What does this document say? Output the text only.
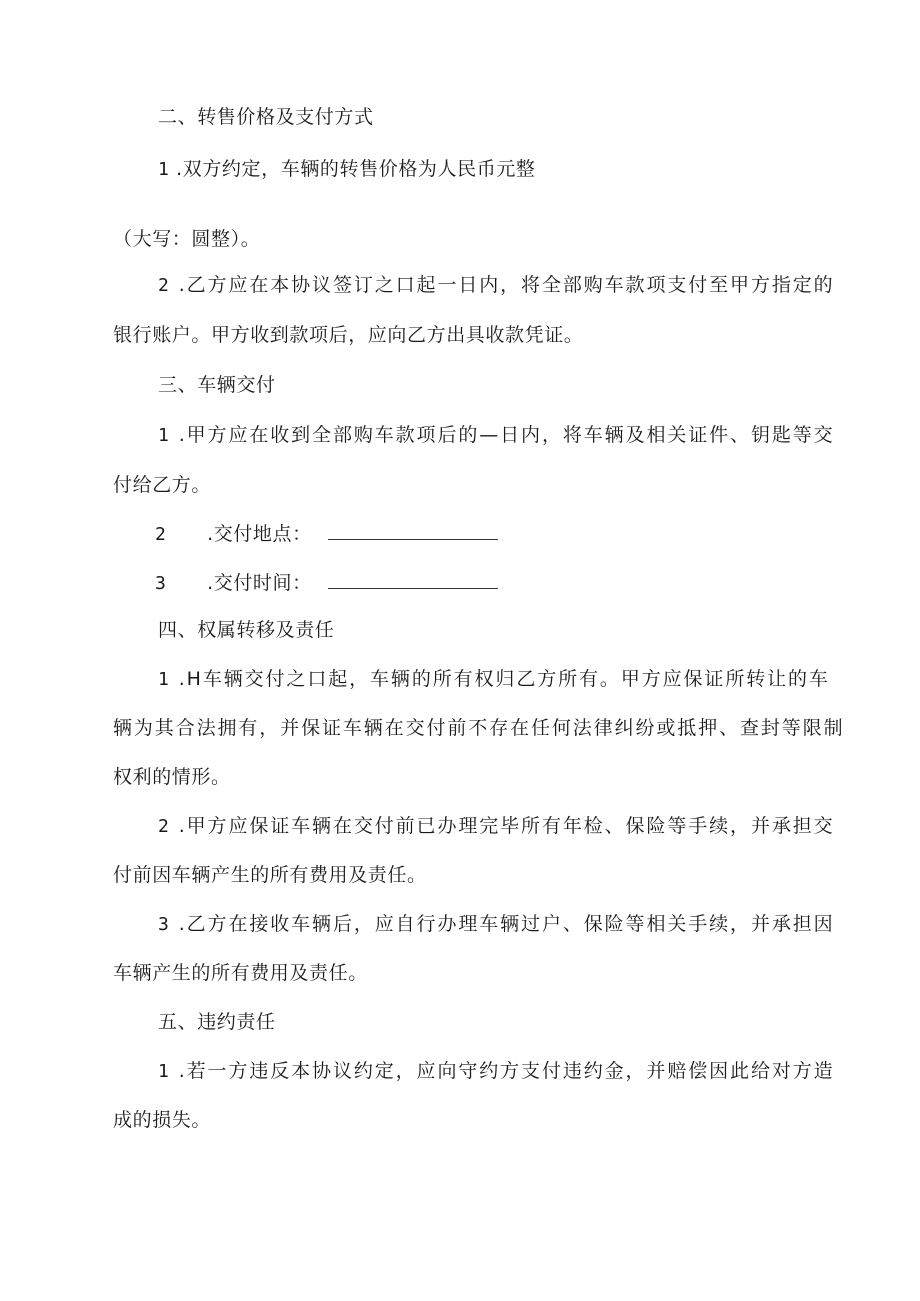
二、转售价格及支付方式
1 .双方约定，车辆的转售价格为人民币元整
（大写：圆整）。
2 .乙方应在本协议签订之口起一日内，将全部购车款项支付至甲方指定的
银行账户。甲方收到款项后，应向乙方出具收款凭证。
三、车辆交付
1 .甲方应在收到全部购车款项后的—日内，将车辆及相关证件、钥匙等交
付给乙方。
2 .交付地点：
3 .交付时间：
四、权属转移及责任
1 .H车辆交付之口起，车辆的所有权归乙方所有。甲方应保证所转让的车
辆为其合法拥有，并保证车辆在交付前不存在任何法律纠纷或抵押、查封等限制
权利的情形。
2 .甲方应保证车辆在交付前已办理完毕所有年检、保险等手续，并承担交
付前因车辆产生的所有费用及责任。
3 .乙方在接收车辆后，应自行办理车辆过户、保险等相关手续，并承担因
车辆产生的所有费用及责任。
五、违约责任
1 .若一方违反本协议约定，应向守约方支付违约金，并赔偿因此给对方造
成的损失。
